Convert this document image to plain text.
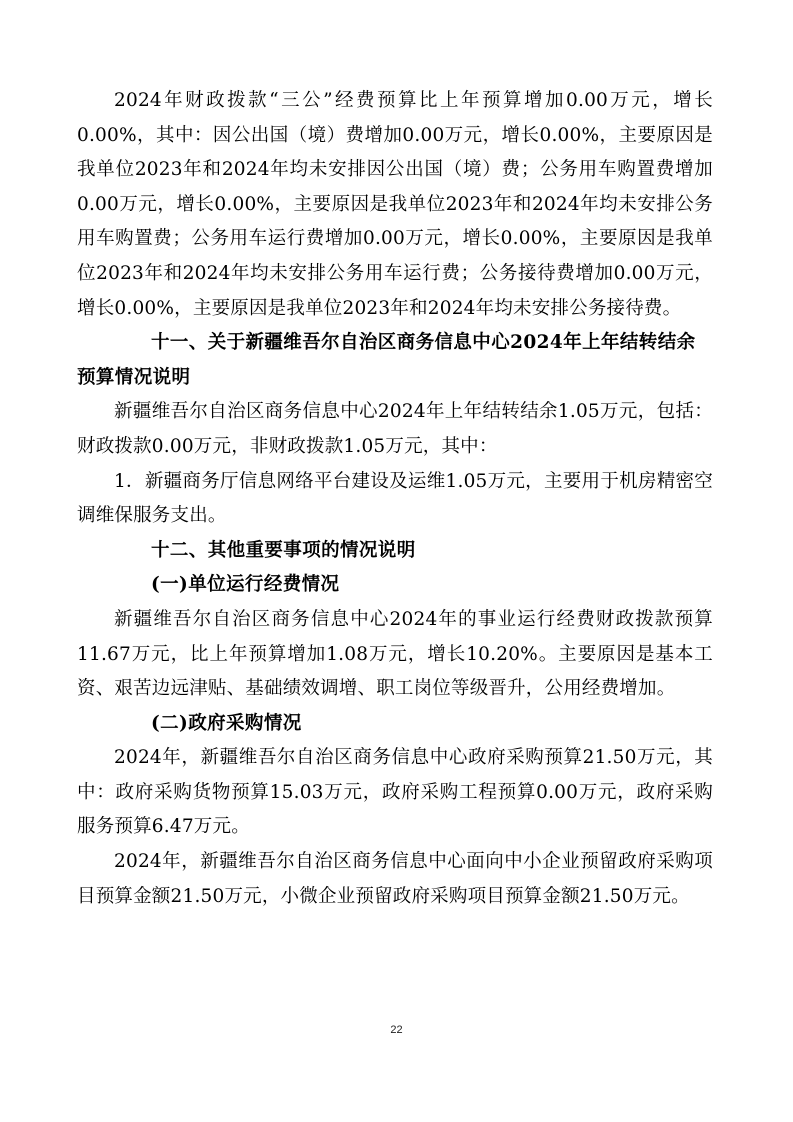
2024年财政拨款“三公”经费预算比上年预算增加0.00万元，增长0.00%，其中：因公出国（境）费增加0.00万元，增长0.00%，主要原因是我单位2023年和2024年均未安排因公出国（境）费；公务用车购置费增加0.00万元，增长0.00%，主要原因是我单位2023年和2024年均未安排公务用车购置费；公务用车运行费增加0.00万元，增长0.00%，主要原因是我单位2023年和2024年均未安排公务用车运行费；公务接待费增加0.00万元，增长0.00%，主要原因是我单位2023年和2024年均未安排公务接待费。

十一、关于新疆维吾尔自治区商务信息中心2024年上年结转结余预算情况说明

新疆维吾尔自治区商务信息中心2024年上年结转结余1.05万元，包括：财政拨款0.00万元，非财政拨款1.05万元，其中：

1．新疆商务厅信息网络平台建设及运维1.05万元，主要用于机房精密空调维保服务支出。

十二、其他重要事项的情况说明

(一)单位运行经费情况

新疆维吾尔自治区商务信息中心2024年的事业运行经费财政拨款预算11.67万元，比上年预算增加1.08万元，增长10.20%。主要原因是基本工资、艰苦边远津贴、基础绩效调增、职工岗位等级晋升，公用经费增加。

(二)政府采购情况

2024年，新疆维吾尔自治区商务信息中心政府采购预算21.50万元，其中：政府采购货物预算15.03万元，政府采购工程预算0.00万元，政府采购服务预算6.47万元。

2024年，新疆维吾尔自治区商务信息中心面向中小企业预留政府采购项目预算金额21.50万元，小微企业预留政府采购项目预算金额21.50万元。

22
